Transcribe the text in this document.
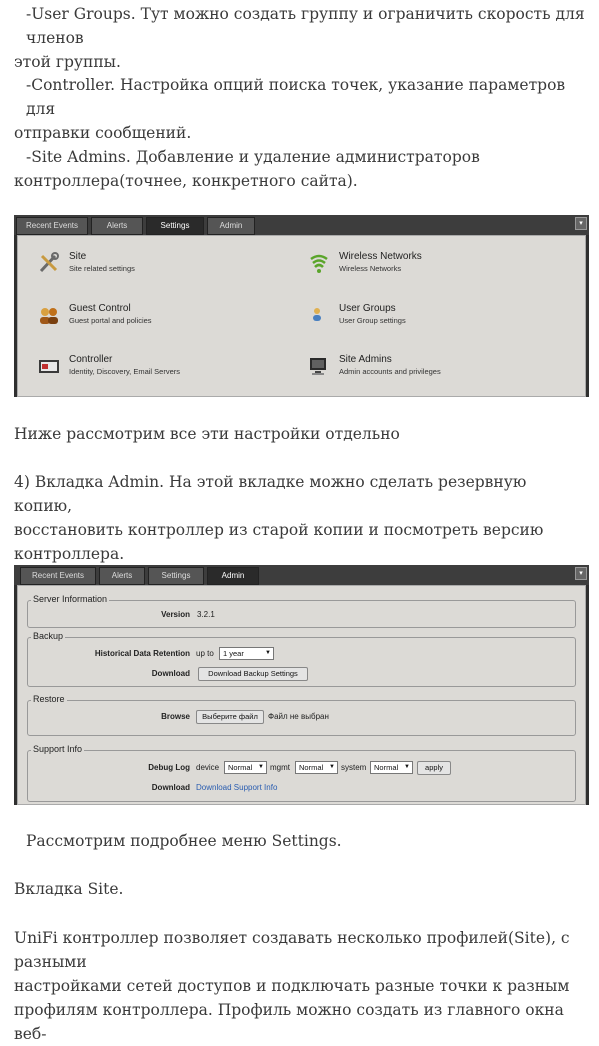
-User Groups. Тут можно создать группу и ограничить скорость для членов
этой группы.
-Controller. Настройка опций поиска точек, указание параметров для
отправки сообщений.
-Site Admins. Добавление и удаление администраторов
контроллера(точнее, конкретного сайта).
Recent Events	Alerts	Settings	Admin	▾
Site
Site related settings
Wireless Networks
Wireless Networks
Guest Control
Guest portal and policies
User Groups
User Group settings
Controller
Identity, Discovery, Email Servers
Site Admins
Admin accounts and privileges
Ниже рассмотрим все эти настройки отдельно
4) Вкладка Admin. На этой вкладке можно сделать резервную копию,
восстановить контроллер из старой копии и посмотреть версию
контроллера.
Recent Events	Alerts	Settings	Admin	▾
Server Information
Version 3.2.1
Backup
Historical Data Retention up to	1 year	▼
Download	Download Backup Settings
Restore
Browse	Выберите файл	Файл не выбран
Support Info
Debug Log device	Normal ▼ mgmt	Normal ▼ system	Normal ▼	apply
Download Download Support Info
Рассмотрим подробнее меню Settings.
Вкладка Site.
UniFi контроллер позволяет создавать несколько профилей(Site), с разными
настройками сетей доступов и подключать разные точки к разным
профилям контроллера. Профиль можно создать из главного окна веб-
